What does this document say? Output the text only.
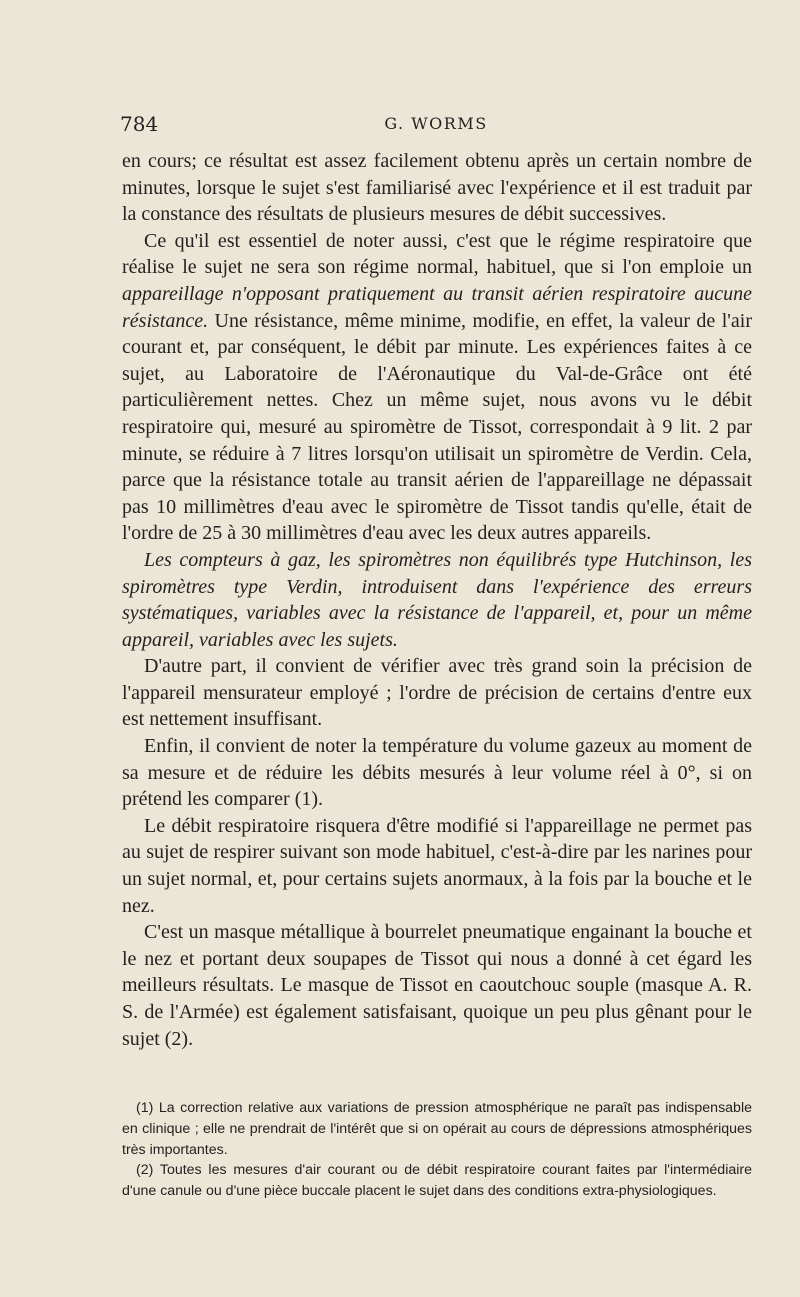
784	G. WORMS

en cours; ce résultat est assez facilement obtenu après un certain nombre de minutes, lorsque le sujet s'est familiarisé avec l'expérience et il est traduit par la constance des résultats de plusieurs mesures de débit successives.

Ce qu'il est essentiel de noter aussi, c'est que le régime respiratoire que réalise le sujet ne sera son régime normal, habituel, que si l'on emploie un appareillage n'opposant pratiquement au transit aérien respiratoire aucune résistance. Une résistance, même minime, modifie, en effet, la valeur de l'air courant et, par conséquent, le débit par minute. Les expériences faites à ce sujet, au Laboratoire de l'Aéronautique du Val-de-Grâce ont été particulièrement nettes. Chez un même sujet, nous avons vu le débit respiratoire qui, mesuré au spiromètre de Tissot, correspondait à 9 lit. 2 par minute, se réduire à 7 litres lorsqu'on utilisait un spiromètre de Verdin. Cela, parce que la résistance totale au transit aérien de l'appareillage ne dépassait pas 10 millimètres d'eau avec le spiromètre de Tissot tandis qu'elle, était de l'ordre de 25 à 30 millimètres d'eau avec les deux autres appareils.

Les compteurs à gaz, les spiromètres non équilibrés type Hutchinson, les spiromètres type Verdin, introduisent dans l'expérience des erreurs systématiques, variables avec la résistance de l'appareil, et, pour un même appareil, variables avec les sujets.

D'autre part, il convient de vérifier avec très grand soin la précision de l'appareil mensurateur employé ; l'ordre de précision de certains d'entre eux est nettement insuffisant.

Enfin, il convient de noter la température du volume gazeux au moment de sa mesure et de réduire les débits mesurés à leur volume réel à 0°, si on prétend les comparer (1).

Le débit respiratoire risquera d'être modifié si l'appareillage ne permet pas au sujet de respirer suivant son mode habituel, c'est-à-dire par les narines pour un sujet normal, et, pour certains sujets anormaux, à la fois par la bouche et le nez.

C'est un masque métallique à bourrelet pneumatique engainant la bouche et le nez et portant deux soupapes de Tissot qui nous a donné à cet égard les meilleurs résultats. Le masque de Tissot en caoutchouc souple (masque A. R. S. de l'Armée) est également satisfaisant, quoique un peu plus gênant pour le sujet (2).

(1) La correction relative aux variations de pression atmosphérique ne paraît pas indispensable en clinique ; elle ne prendrait de l'intérêt que si on opérait au cours de dépressions atmosphériques très importantes.

(2) Toutes les mesures d'air courant ou de débit respiratoire courant faites par l'intermédiaire d'une canule ou d'une pièce buccale placent le sujet dans des conditions extra-physiologiques.
